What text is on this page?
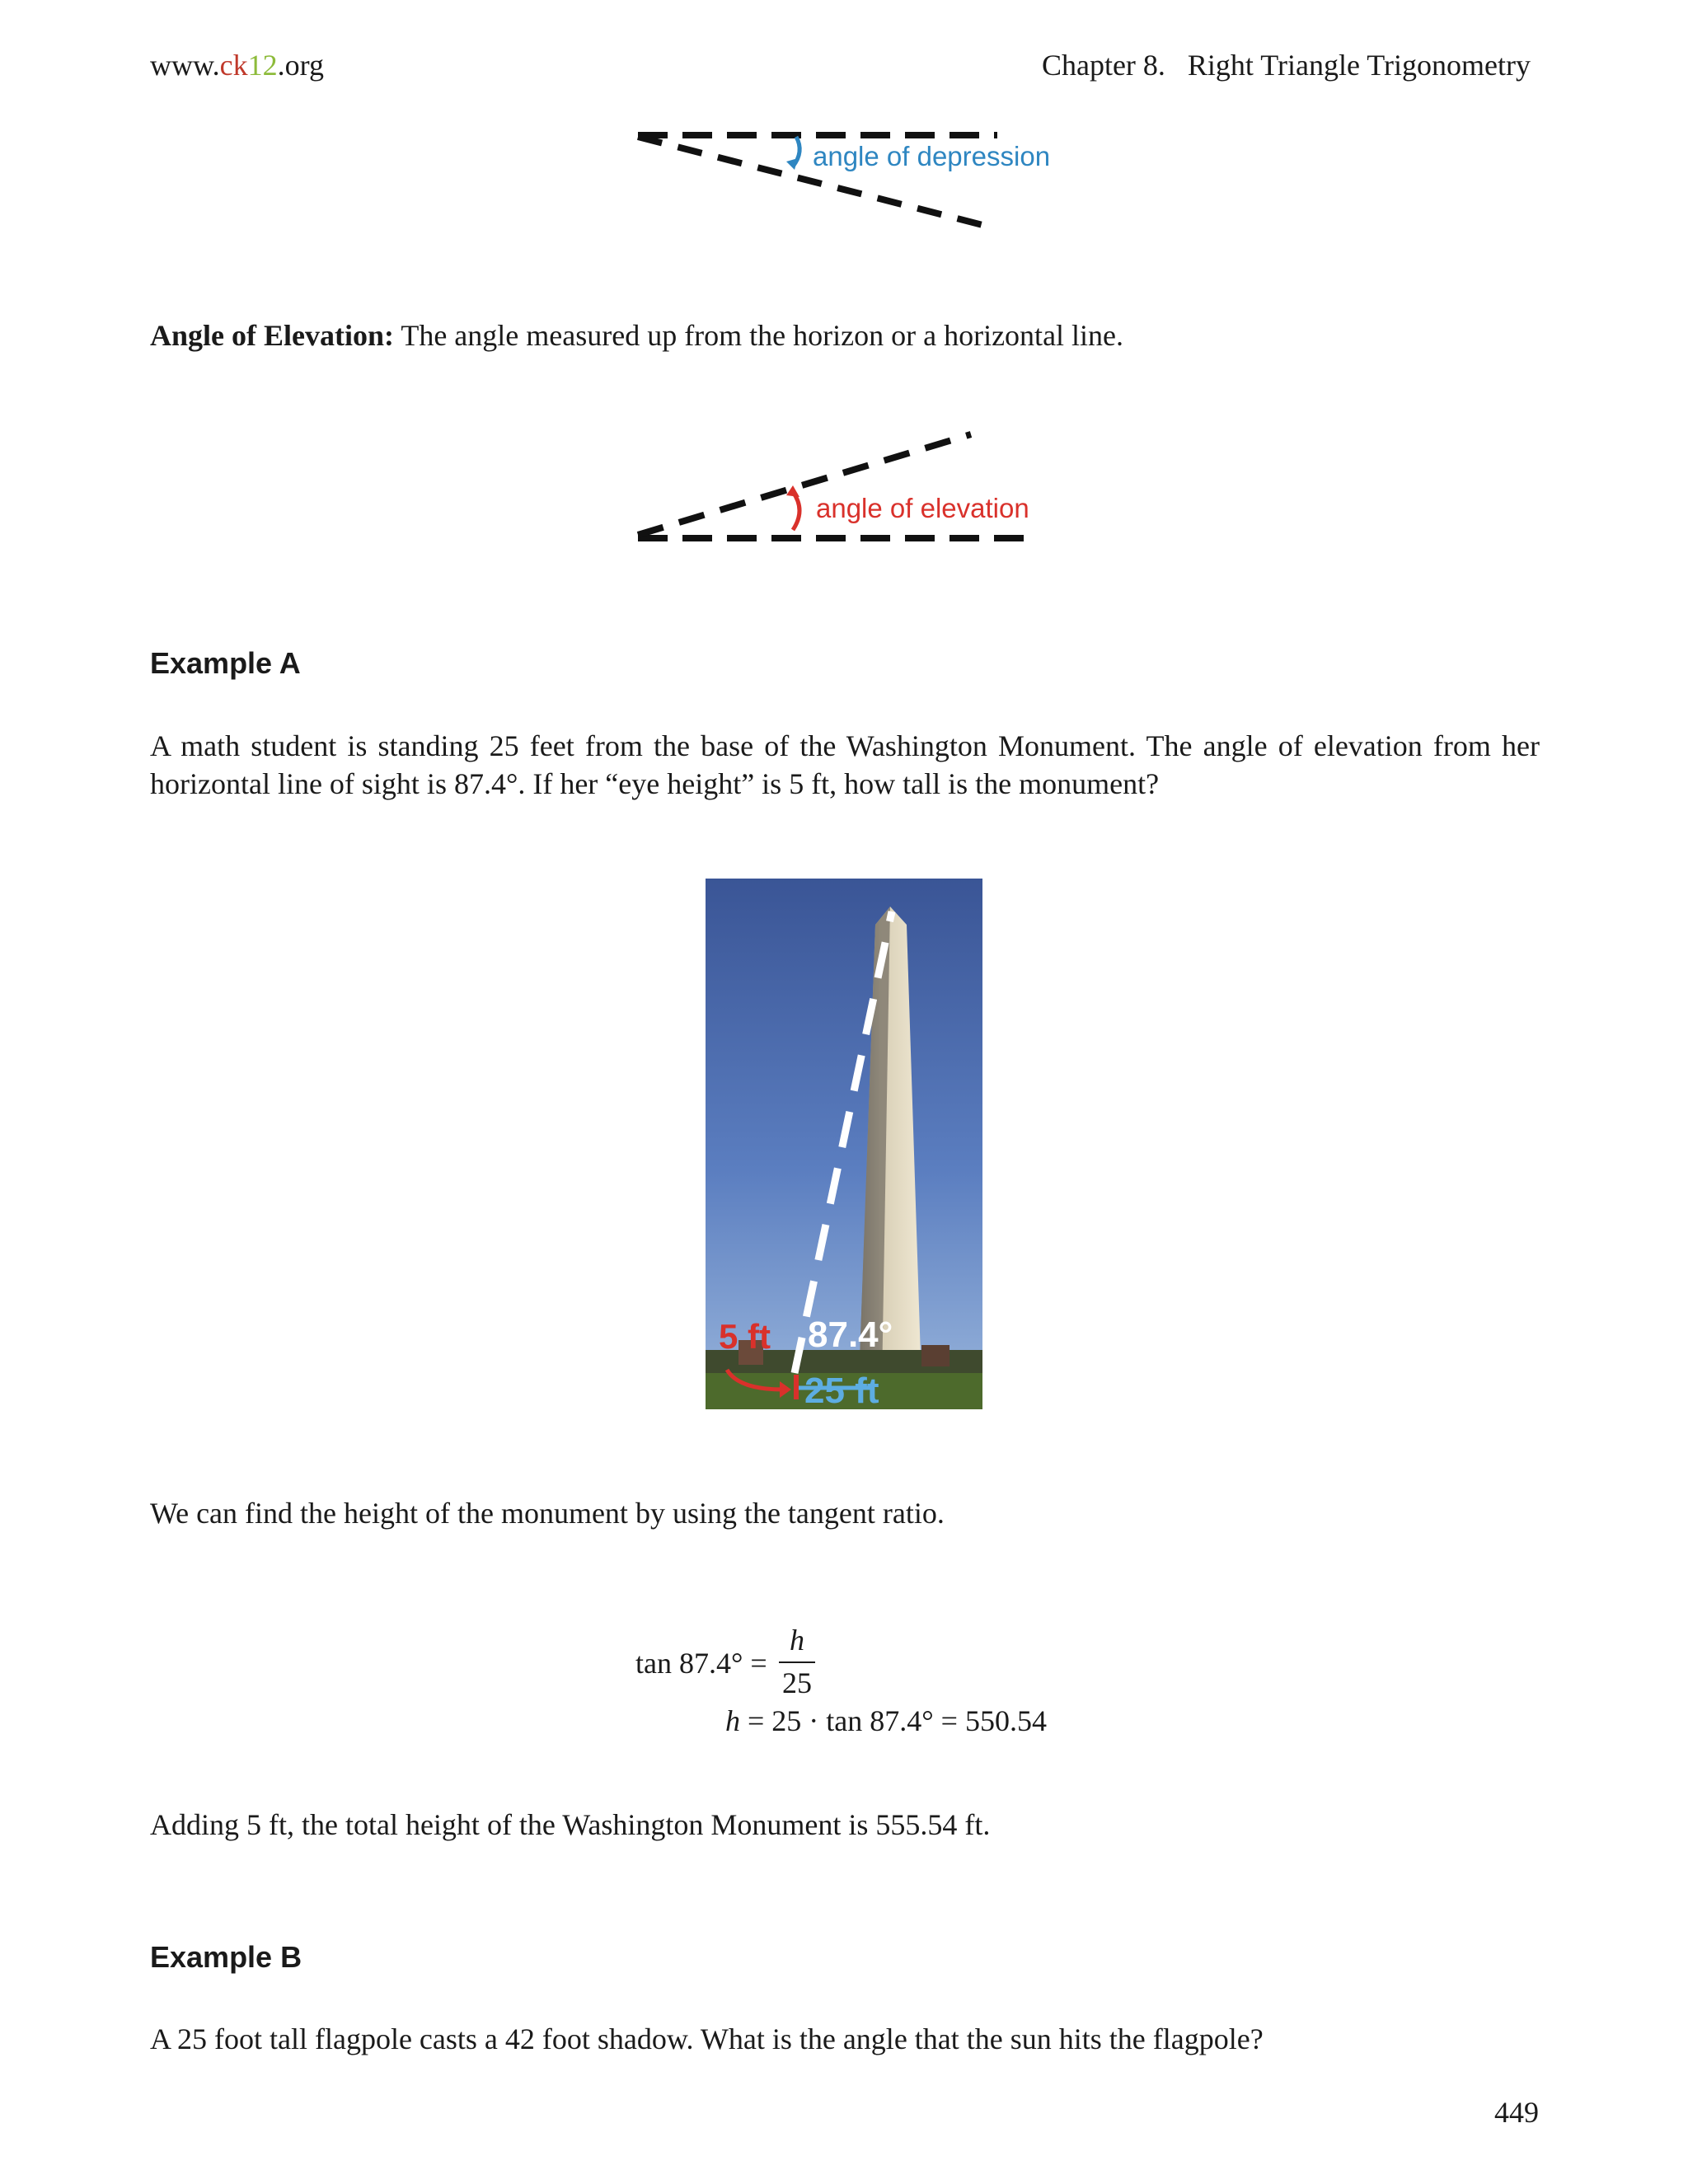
www.ck12.org	Chapter 8.   Right Triangle Trigonometry
angle of depression
Angle of Elevation: The angle measured up from the horizon or a horizontal line.
angle of elevation
Example A
A math student is standing 25 feet from the base of the Washington Monument. The angle of elevation from her horizontal line of sight is 87.4°. If her “eye height” is 5 ft, how tall is the monument?
5 ft 87.4°
25 ft
We can find the height of the monument by using the tangent ratio.
tan 87.4° =
h
25
h = 25 · tan 87.4° = 550.54
Adding 5 ft, the total height of the Washington Monument is 555.54 ft.
Example B
A 25 foot tall flagpole casts a 42 foot shadow. What is the angle that the sun hits the flagpole?
449
